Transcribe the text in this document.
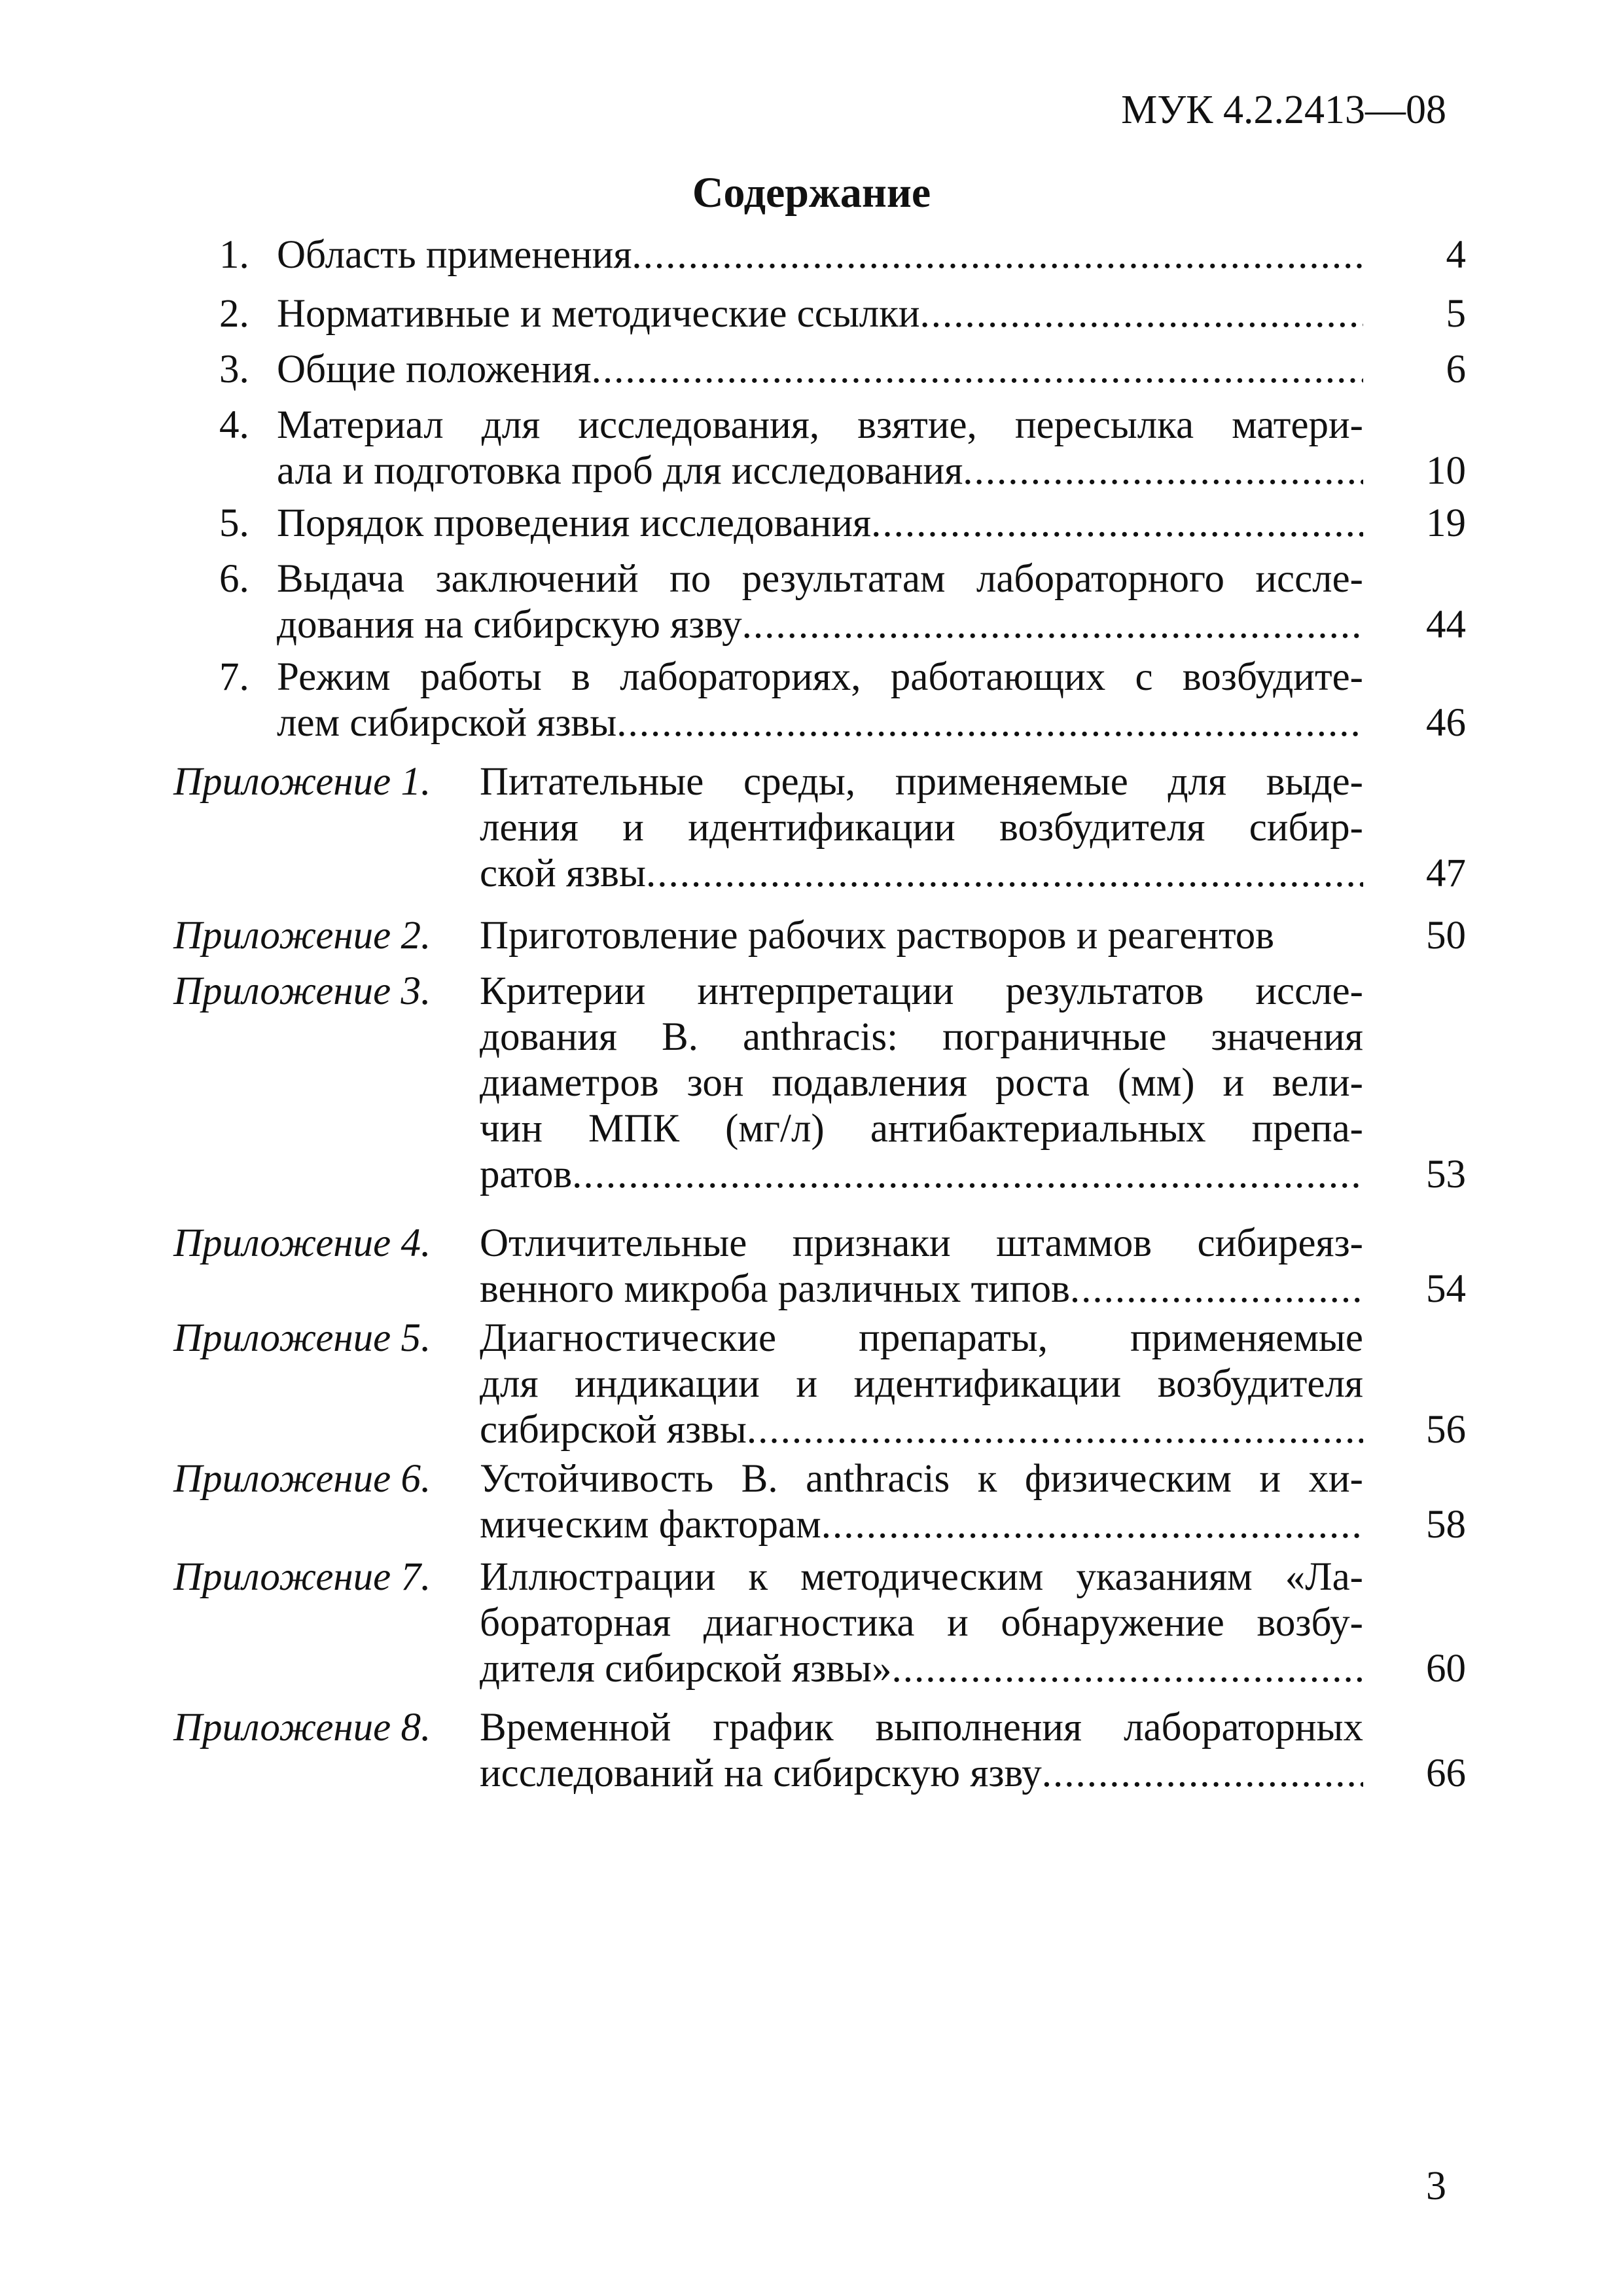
МУК 4.2.2413—08
Содержание
1. Область применения .....	4
2. Нормативные и методические ссылки .....	5
3. Общие положения .....	6
4. Материал для исследования, взятие, пересылка матери-
ала и подготовка проб для исследования .....	10
5. Порядок проведения исследования .....	19
6. Выдача заключений по результатам лабораторного иссле-
дования на сибирскую язву .....	44
7. Режим работы в лабораториях, работающих с возбудите-
лем сибирской язвы .....	46
Приложение 1. Питательные среды, применяемые для выде-
ления и идентификации возбудителя сибир-
ской язвы .....	47
Приложение 2. Приготовление рабочих растворов и реагентов	50
Приложение 3. Критерии интерпретации результатов иссле-
дования B. anthracis: пограничные значения
диаметров зон подавления роста (мм) и вели-
чин МПК (мг/л) антибактериальных препа-
ратов .....	53
Приложение 4. Отличительные признаки штаммов сибиреяз-
венного микроба различных типов .....	54
Приложение 5. Диагностические препараты, применяемые
для индикации и идентификации возбудителя
сибирской язвы .....	56
Приложение 6. Устойчивость B. anthracis к физическим и хи-
мическим факторам .....	58
Приложение 7. Иллюстрации к методическим указаниям «Ла-
бораторная диагностика и обнаружение возбу-
дителя сибирской язвы» .....	60
Приложение 8. Временной график выполнения лабораторных
исследований на сибирскую язву .....	66
3
